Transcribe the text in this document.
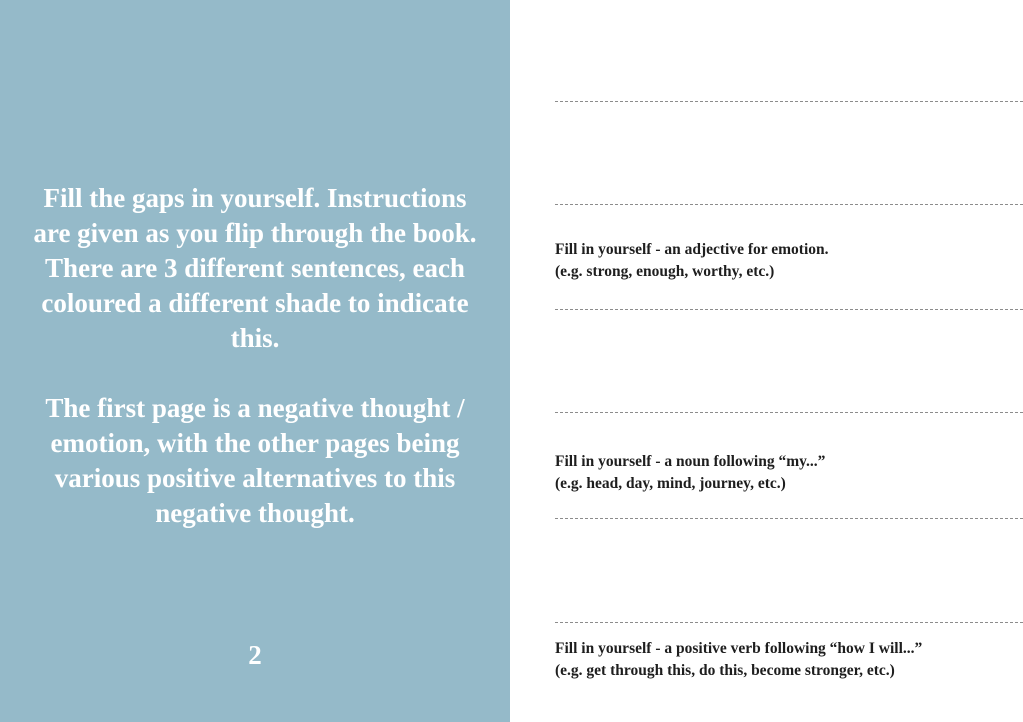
Fill the gaps in yourself. Instructions are given as you flip through the book. There are 3 different sentences, each coloured a different shade to indicate this.

The first page is a negative thought / emotion, with the other pages being various positive alternatives to this negative thought.

2
Fill in yourself - an adjective for emotion.
(e.g. strong, enough, worthy, etc.)
Fill in yourself - a noun following “my...”
(e.g. head, day, mind, journey, etc.)
Fill in yourself - a positive verb following “how I will...”
(e.g. get through this, do this, become stronger, etc.)
